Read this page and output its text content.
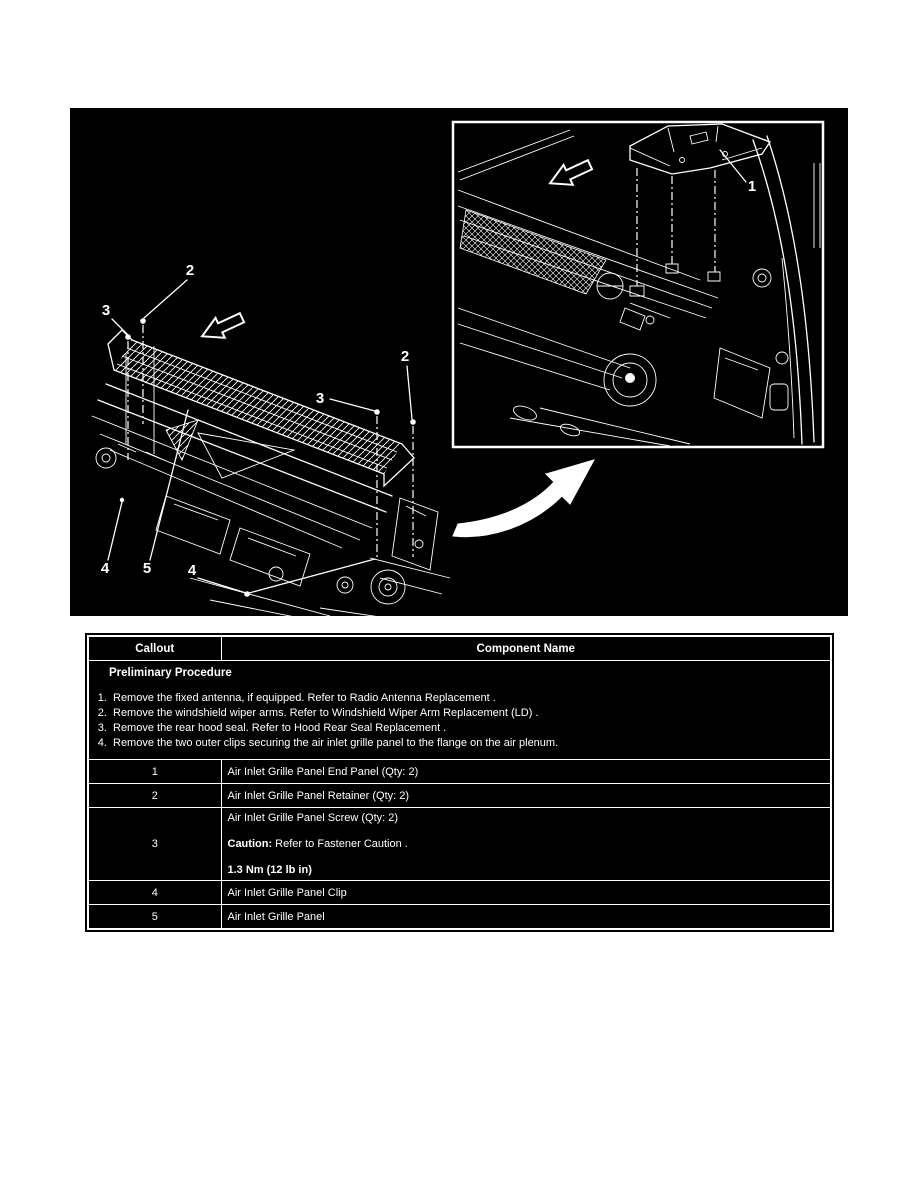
2
3
3
2
4 5 4
1
Callout	Component Name

Preliminary Procedure
1. Remove the fixed antenna, if equipped. Refer to Radio Antenna Replacement .
2. Remove the windshield wiper arms. Refer to Windshield Wiper Arm Replacement (LD) .
3. Remove the rear hood seal. Refer to Hood Rear Seal Replacement .
4. Remove the two outer clips securing the air inlet grille panel to the flange on the air plenum.

1	Air Inlet Grille Panel End Panel (Qty: 2)
2	Air Inlet Grille Panel Retainer (Qty: 2)
3	Air Inlet Grille Panel Screw (Qty: 2)

Caution: Refer to Fastener Caution .

1.3 Nm (12 lb in)

4	Air Inlet Grille Panel Clip
5	Air Inlet Grille Panel
